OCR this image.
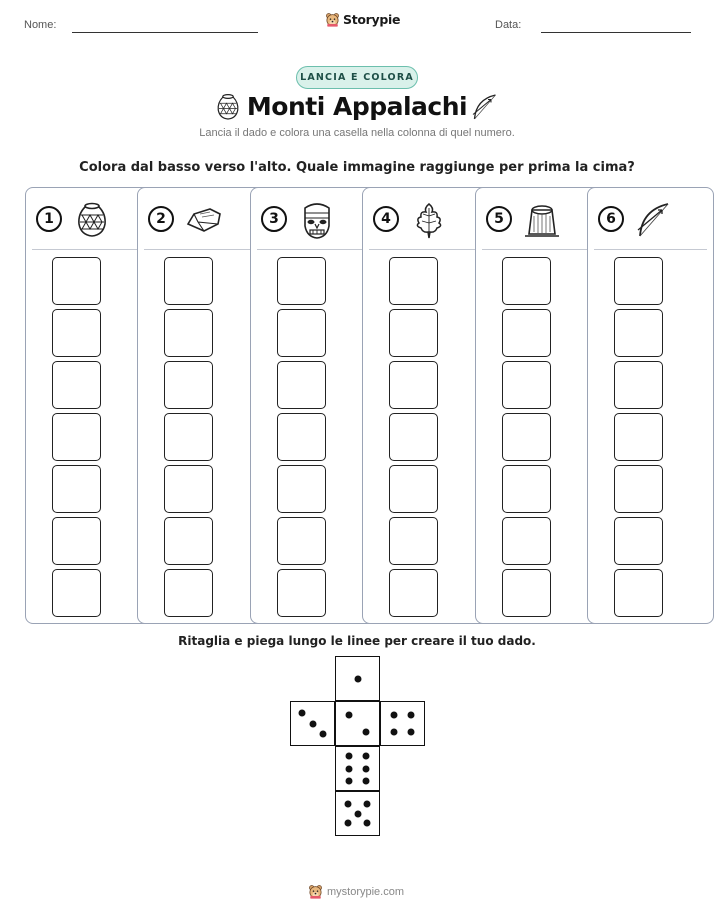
Nome:	Storypie	Data:
LANCIA E COLORA
Monti Appalachi
Lancia il dado e colora una casella nella colonna di quel numero.
Colora dal basso verso l'alto. Quale immagine raggiunge per prima la cima?
1	2	3	4	5	6
Ritaglia e piega lungo le linee per creare il tuo dado.
mystorypie.com
